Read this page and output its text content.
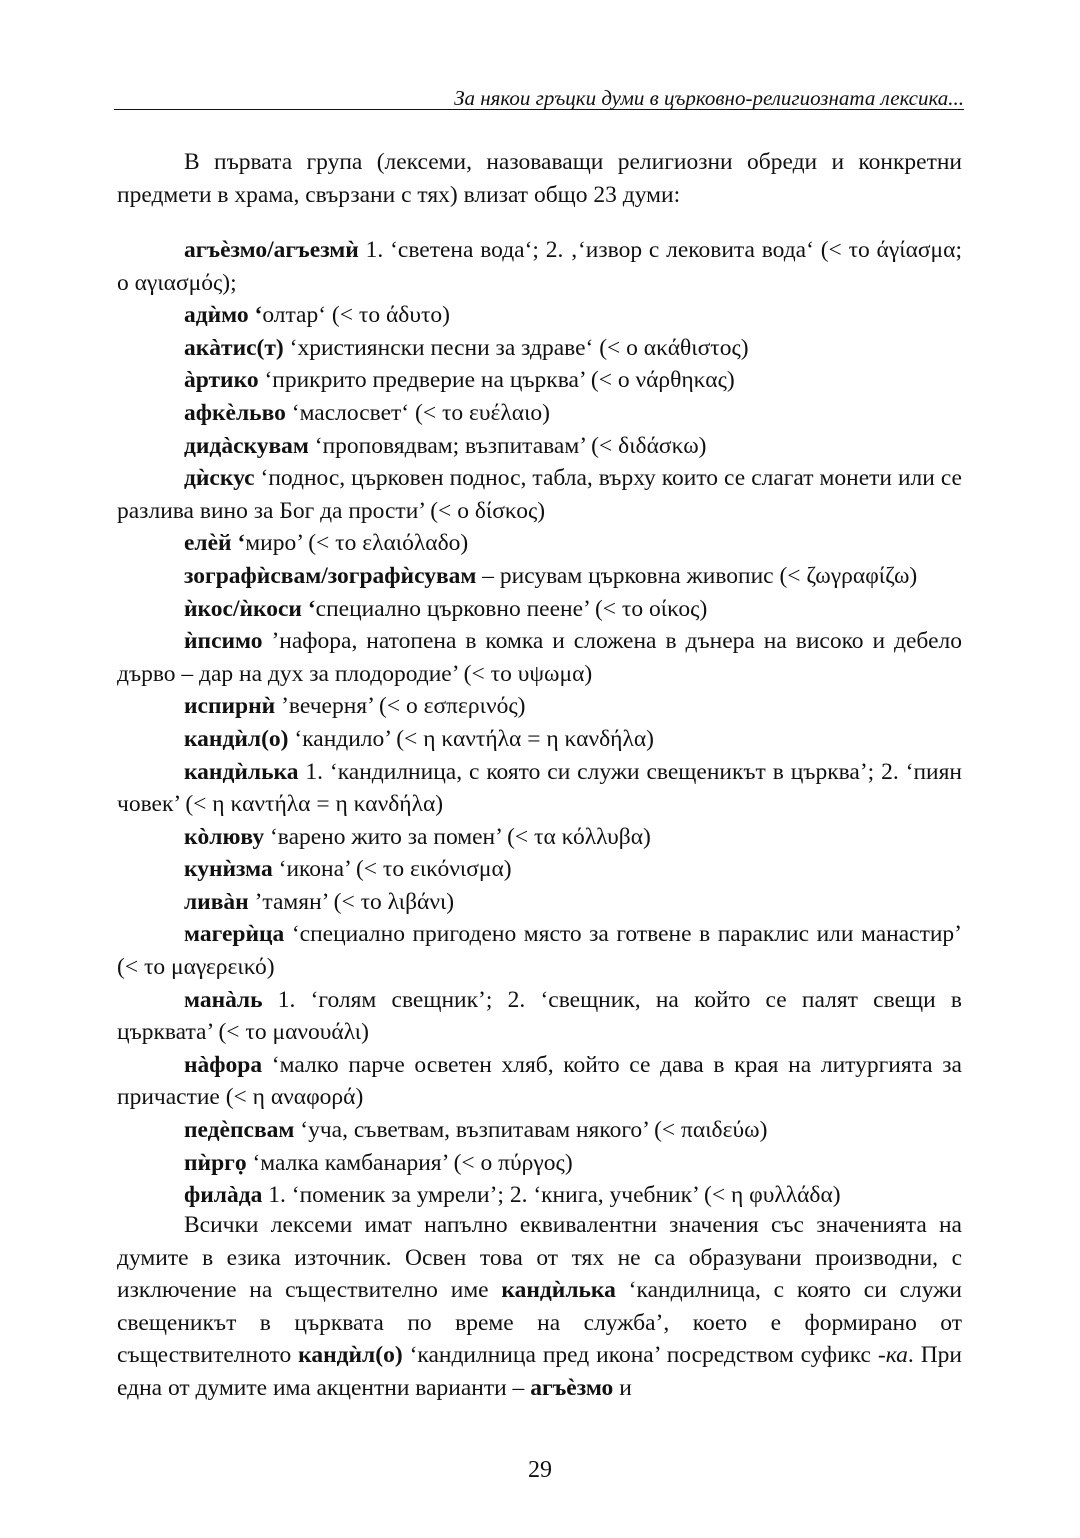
За някои гръцки думи в църковно-религиозната лексика...

В първата група (лексеми, назоваващи религиозни обреди и конкретни предмети в храма, свързани с тях) влизат общо 23 думи:

агъѐзмо/агъезмѝ 1. ‘светена вода‘; 2. ‚‘извор с лековита вода‘ (< το άγίασμα; ο αγιασμός);

адѝмо ‘олтар‘ (< το άδυτο)

акàтис(т) ‘християнски песни за здраве‘ (< ο ακάθιστος)

àртико ‘прикрито предверие на църква’ (< ο νάρθηκας)

афкѐльво ‘маслосвет‘ (< το ευέλαιο)

дидàскувам ‘проповядвам; възпитавам’ (< διδάσκω)

дѝскус ‘поднос, църковен поднос, табла, върху които се слагат монети или се разлива вино за Бог да прости’ (< ο δίσκος)

елѐй ‘миро’ (< το ελαιόλαδο)

зографѝсвам/зографѝсувам – рисувам църковна живопис (< ζωγραφίζω)

ѝкос/ѝкоси ‘специално църковно пеене’ (< το οίκος)

ѝпсимо ’нафора, натопена в комка и сложена в дънера на високо и дебело дърво – дар на дух за плодородие’ (< το υψωμα)

испирнѝ ’вечерня’ (< ο εσπερινός)

кандѝл(о) ‘кандило’ (< η καντήλα = η κανδήλα)

кандѝлька 1. ‘кандилница, с която си служи свещеникът в църква’; 2. ‘пиян човек’ (< η καντήλα = η κανδήλα)

кòлюву ‘варено жито за помен’ (< τα κόλλυβα)

кунѝзма ‘икона’ (< το εικόνισμα)

ливàн ’тамян’ (< το λιβάνι)

магерѝца ‘специално пригодено място за готвене в параклис или манастир’ (< το μαγερεικό)

манàль 1. ‘голям свещник’; 2. ‘свещник, на който се палят свещи в църквата’ (< το μανουάλι)

нàфора ‘малко парче осветен хляб, който се дава в края на литургията за причастие (< η αναφορά)

педѐпсвам ‘уча, съветвам, възпитавам някого’ (< παιδεύω)

пѝргọ ‘малка камбанария’ (< ο πύργος)

филàда 1. ‘поменик за умрели’; 2. ‘книга, учебник’ (< η φυλλάδα)

Всички лексеми имат напълно еквивалентни значения със значенията на думите в езика източник. Освен това от тях не са образувани производни, с изключение на съществително име кандѝлька ‘кандилница, с която си служи свещеникът в църквата по време на служба’, което е формирано от съществителното кандѝл(о) ‘кандилница пред икона’ посредством суфикс -ка. При една от думите има акцентни варианти – агъѐзмо и

29
